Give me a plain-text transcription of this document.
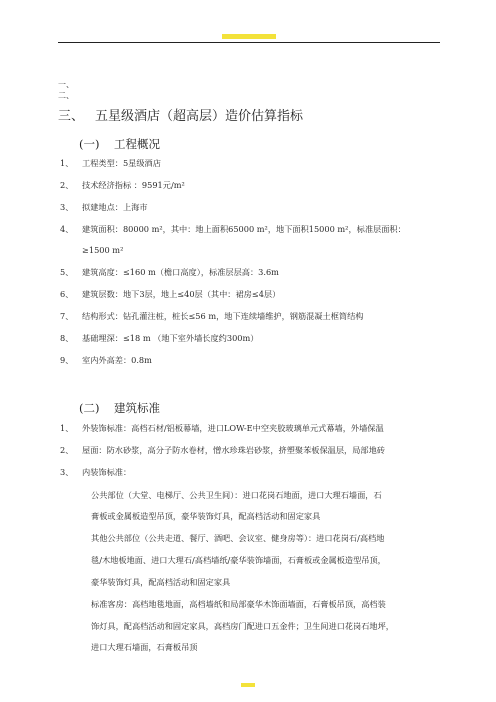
一、
二、
三、 五星级酒店（超高层）造价估算指标
(一) 工程概况
1、 工程类型：5星级酒店
2、 技术经济指标 ：9591元/m²
3、 拟建地点：上海市
4、 建筑面积：80000 m²，其中：地上面积65000 m²，地下面积15000 m²，标准层面积：
≥1500 m²
5、 建筑高度：≤160 m（檐口高度），标准层层高：3.6m
6、 建筑层数：地下3层，地上≤40层（其中：裙房≤4层）
7、 结构形式：钻孔灌注桩，桩长≤56 m，地下连续墙维护，钢筋混凝土框筒结构
8、 基础埋深：≤18 m （地下室外墙长度约300m）
9、 室内外高差：0.8m
(二) 建筑标准
1、 外装饰标准：高档石材/铝板幕墙，进口LOW-E中空夹胶玻璃单元式幕墙，外墙保温
2、 屋面：防水砂浆，高分子防水卷材，憎水珍珠岩砂浆，挤塑聚苯板保温层，局部地砖
3、 内装饰标准：
公共部位（大堂、电梯厅、公共卫生间）：进口花岗石地面，进口大理石墙面，石
膏板或金属板造型吊顶，豪华装饰灯具，配高档活动和固定家具
其他公共部位（公共走道、餐厅、酒吧、会议室、健身房等）：进口花岗石/高档地
毯/木地板地面、进口大理石/高档墙纸/豪华装饰墙面，石膏板或金属板造型吊顶，
豪华装饰灯具，配高档活动和固定家具
标准客房：高档地毯地面，高档墙纸和局部豪华木饰面墙面，石膏板吊顶，高档装
饰灯具，配高档活动和固定家具，高档房门配进口五金件；卫生间进口花岗石地坪，
进口大理石墙面，石膏板吊顶
